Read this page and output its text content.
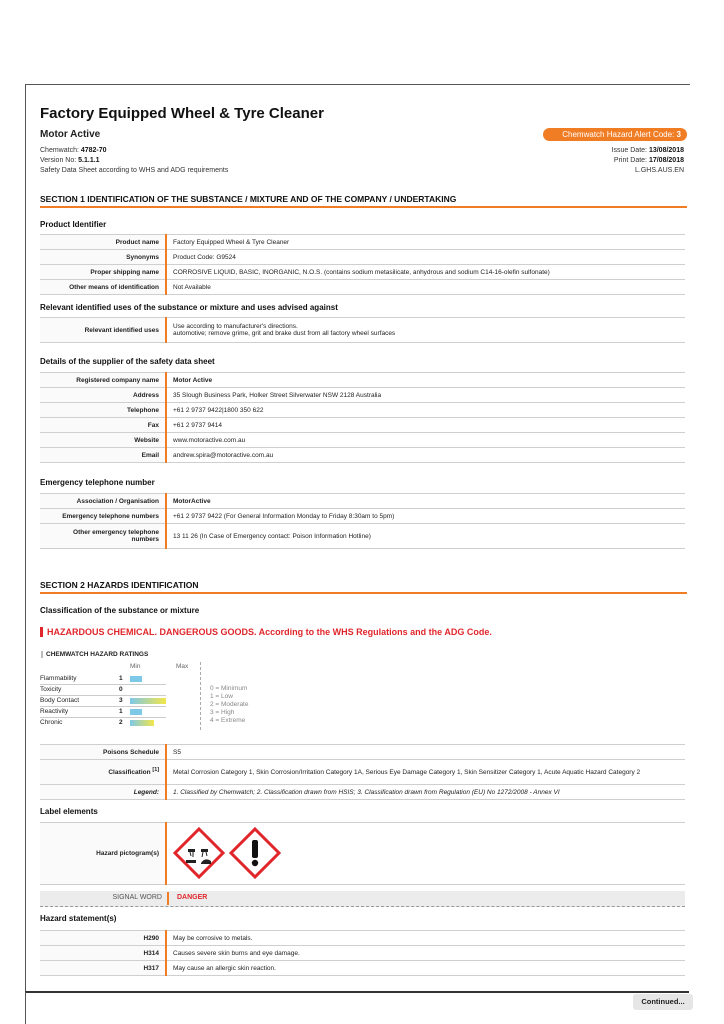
Factory Equipped Wheel & Tyre Cleaner
Motor Active
Chemwatch: 4782-70
Version No: 5.1.1.1
Safety Data Sheet according to WHS and ADG requirements
Chemwatch Hazard Alert Code: 3
Issue Date: 13/08/2018
Print Date: 17/08/2018
L.GHS.AUS.EN
SECTION 1 IDENTIFICATION OF THE SUBSTANCE / MIXTURE AND OF THE COMPANY / UNDERTAKING
Product Identifier
Product name	Factory Equipped Wheel & Tyre Cleaner
Synonyms	Product Code: G9524
Proper shipping name	CORROSIVE LIQUID, BASIC, INORGANIC, N.O.S. (contains sodium metasilicate, anhydrous and sodium C14-16-olefin sulfonate)
Other means of identification	Not Available
Relevant identified uses of the substance or mixture and uses advised against
Relevant identified uses	Use according to manufacturer's directions.
automotive; remove grime, grit and brake dust from all factory wheel surfaces
Details of the supplier of the safety data sheet
Registered company name	Motor Active
Address	35 Slough Business Park, Holker Street Silverwater NSW 2128 Australia
Telephone	+61 2 9737 9422|1800 350 622
Fax	+61 2 9737 9414
Website	www.motoractive.com.au
Email	andrew.spira@motoractive.com.au
Emergency telephone number
Association / Organisation	MotorActive
Emergency telephone numbers	+61 2 9737 9422 (For General Information Monday to Friday 8:30am to 5pm)
Other emergency telephone numbers	13 11 26 (In Case of Emergency contact: Poison Information Hotline)
SECTION 2 HAZARDS IDENTIFICATION
Classification of the substance or mixture
HAZARDOUS CHEMICAL. DANGEROUS GOODS. According to the WHS Regulations and the ADG Code.
CHEMWATCH HAZARD RATINGS
Min	Max
Flammability	1
Toxicity	0
Body Contact	3
Reactivity	1
Chronic	2
0 = Minimum
1 = Low
2 = Moderate
3 = High
4 = Extreme
Poisons Schedule	S5
Classification [1]	Metal Corrosion Category 1, Skin Corrosion/Irritation Category 1A, Serious Eye Damage Category 1, Skin Sensitizer Category 1, Acute Aquatic Hazard Category 2
Legend:	1. Classified by Chemwatch; 2. Classification drawn from HSIS; 3. Classification drawn from Regulation (EU) No 1272/2008 - Annex VI
Label elements
Hazard pictogram(s)	
SIGNAL WORD DANGER
Hazard statement(s)
H290	May be corrosive to metals.
H314	Causes severe skin burns and eye damage.
H317	May cause an allergic skin reaction.
Continued...
